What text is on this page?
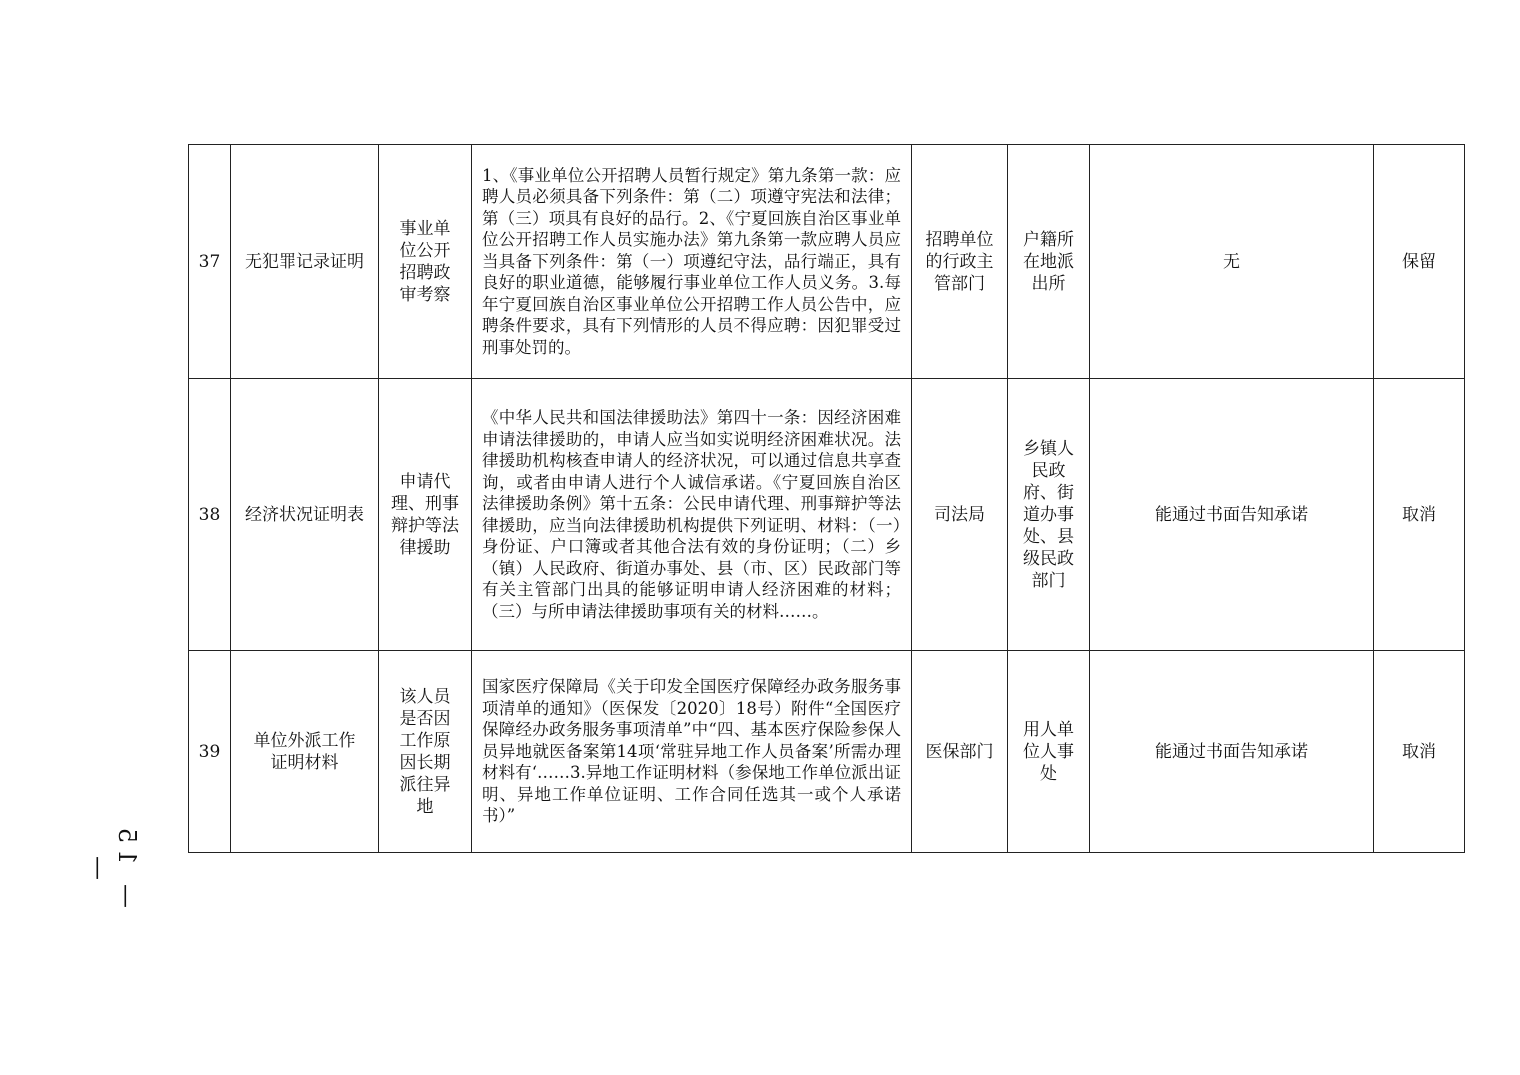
37	无犯罪记录证明	事业单位公开招聘政审考察	1、《事业单位公开招聘人员暂行规定》第九条第一款：应聘人员必须具备下列条件：第（二）项遵守宪法和法律；第（三）项具有良好的品行。2、《宁夏回族自治区事业单位公开招聘工作人员实施办法》第九条第一款应聘人员应当具备下列条件：第（一）项遵纪守法，品行端正，具有良好的职业道德，能够履行事业单位工作人员义务。3.每年宁夏回族自治区事业单位公开招聘工作人员公告中，应聘条件要求，具有下列情形的人员不得应聘：因犯罪受过刑事处罚的。	招聘单位的行政主管部门	户籍所在地派出所	无	保留
38	经济状况证明表	申请代理、刑事辩护等法律援助	《中华人民共和国法律援助法》第四十一条：因经济困难申请法律援助的，申请人应当如实说明经济困难状况。法律援助机构核查申请人的经济状况，可以通过信息共享查询，或者由申请人进行个人诚信承诺。《宁夏回族自治区法律援助条例》第十五条：公民申请代理、刑事辩护等法律援助，应当向法律援助机构提供下列证明、材料：（一）身份证、户口簿或者其他合法有效的身份证明；（二）乡（镇）人民政府、街道办事处、县（市、区）民政部门等有关主管部门出具的能够证明申请人经济困难的材料；（三）与所申请法律援助事项有关的材料……。	司法局	乡镇人民政府、街道办事处、县级民政部门	能通过书面告知承诺	取消
39	单位外派工作证明材料	该人员是否因工作原因长期派往异地	国家医疗保障局《关于印发全国医疗保障经办政务服务事项清单的通知》（医保发〔2020〕18号）附件“全国医疗保障经办政务服务事项清单”中“四、基本医疗保险参保人员异地就医备案第14项‘常驻异地工作人员备案’所需办理材料有‘……3.异地工作证明材料（参保地工作单位派出证明、异地工作单位证明、工作合同任选其一或个人承诺书）”	医保部门	用人单位人事处	能通过书面告知承诺	取消
— 15 —
